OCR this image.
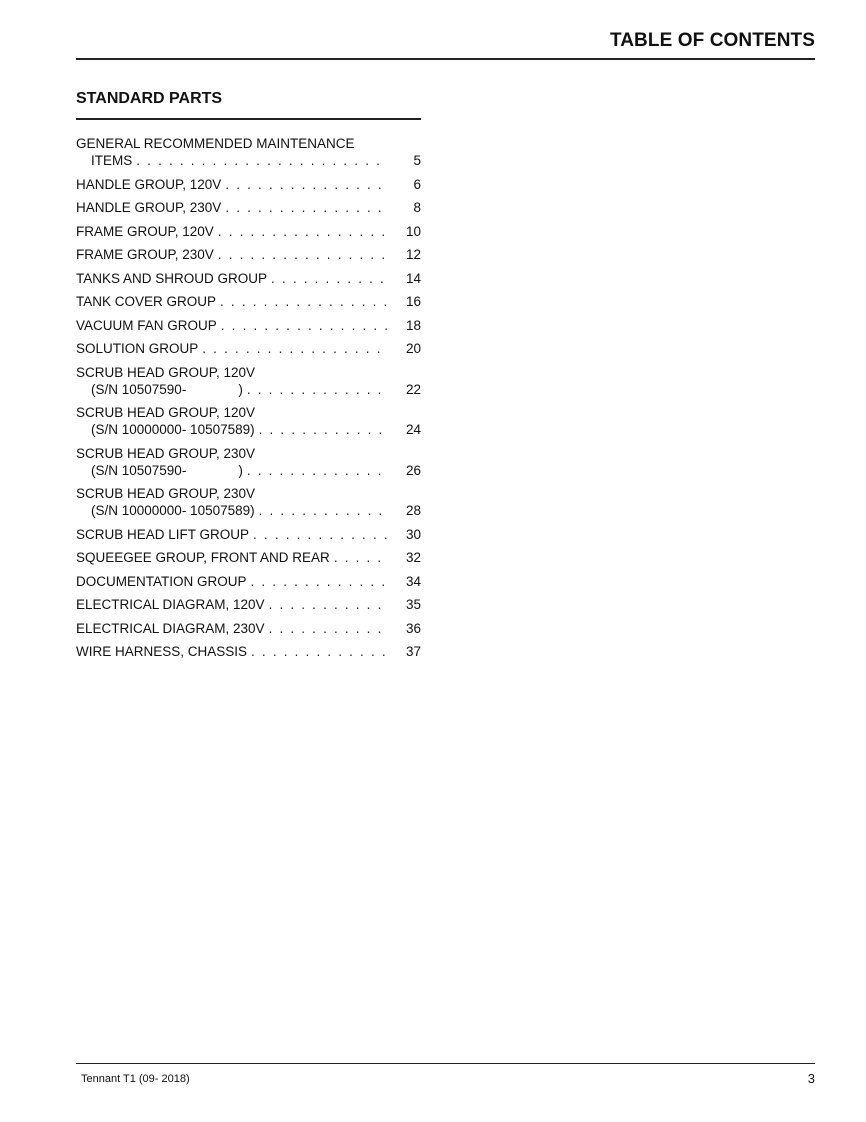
TABLE OF CONTENTS
STANDARD PARTS
GENERAL RECOMMENDED MAINTENANCE
ITEMS . . .	5
HANDLE GROUP, 120V . . .	6
HANDLE GROUP, 230V . . .	8
FRAME GROUP, 120V . . .	10
FRAME GROUP, 230V . . .	12
TANKS AND SHROUD GROUP . . .	14
TANK COVER GROUP . . .	16
VACUUM FAN GROUP . . .	18
SOLUTION GROUP . . .	20
SCRUB HEAD GROUP, 120V
(S/N 10507590-	) . . .	22
SCRUB HEAD GROUP, 120V
(S/N 10000000- 10507589) . . .	24
SCRUB HEAD GROUP, 230V
(S/N 10507590-	) . . .	26
SCRUB HEAD GROUP, 230V
(S/N 10000000- 10507589) . . .	28
SCRUB HEAD LIFT GROUP . . .	30
SQUEEGEE GROUP, FRONT AND REAR . . .	32
DOCUMENTATION GROUP . . .	34
ELECTRICAL DIAGRAM, 120V . . .	35
ELECTRICAL DIAGRAM, 230V . . .	36
WIRE HARNESS, CHASSIS . . .	37
Tennant T1 (09- 2018)	3
